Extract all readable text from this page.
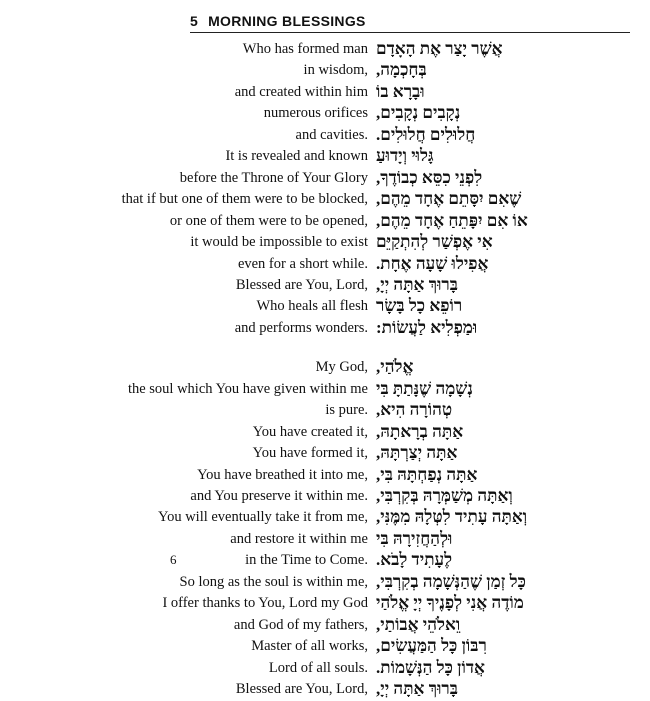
5 MORNING BLESSINGS
Who has formed man אֲשֶׁר יָצַר אֶת הָאָדָם
in wisdom, בְּחָכְמָה,
and created within him וּבָרָא בוֹ
numerous orifices נְקָבִים נְקָבִים,
and cavities. חֲלוּלִים חֲלוּלִים.
It is revealed and known גָּלוּי וְיָדוּעַ
before the Throne of Your Glory לִפְנֵי כִסֵּא כְבוֹדֶךָ,
that if but one of them were to be blocked, שֶׁאִם יִסָּתֵם אֶחָד מֵהֶם,
or one of them were to be opened, אוֹ אִם יִפָּתֵחַ אֶחָד מֵהֶם,
it would be impossible to exist אִי אֶפְשַׁר לְהִתְקַיֵּם
even for a short while. אֲפִילוּ שָׁעָה אֶחָת.
Blessed are You, Lord, בָּרוּךְ אַתָּה יְיָ,
Who heals all flesh רוֹפֵא כָל בָּשָׂר
and performs wonders. וּמַפְלִיא לַעֲשׂוֹת:
My God, אֱלֹהַי,
the soul which You have given within me נְשָׁמָה שֶׁנָּתַתָּ בִּי
is pure. טְהוֹרָה הִיא,
You have created it, אַתָּה בְרָאתָהּ,
You have formed it, אַתָּה יְצַרְתָּהּ,
You have breathed it into me, אַתָּה נְפַחְתָּהּ בִּי,
and You preserve it within me. וְאַתָּה מְשַׁמְּרָהּ בְּקִרְבִּי,
You will eventually take it from me, וְאַתָּה עָתִיד לִטְּלָהּ מִמֶּנִּי,
and restore it within me וּלְהַחֲזִירָהּ בִּי
in the Time to Come. לֶעָתִיד לָבֹא.
So long as the soul is within me, כָּל זְמַן שֶׁהַנְּשָׁמָה בְקִרְבִּי,
I offer thanks to You, Lord my God מוֹדֶה אֲנִי לְפָנֶיךָ יְיָ אֱלֹהַי
and God of my fathers, וֵאלֹהֵי אֲבוֹתַי,
Master of all works, רִבּוֹן כָּל הַמַּעֲשִׂים,
Lord of all souls. אֲדוֹן כָּל הַנְּשָׁמוֹת.
Blessed are You, Lord, בָּרוּךְ אַתָּה יְיָ,
6
